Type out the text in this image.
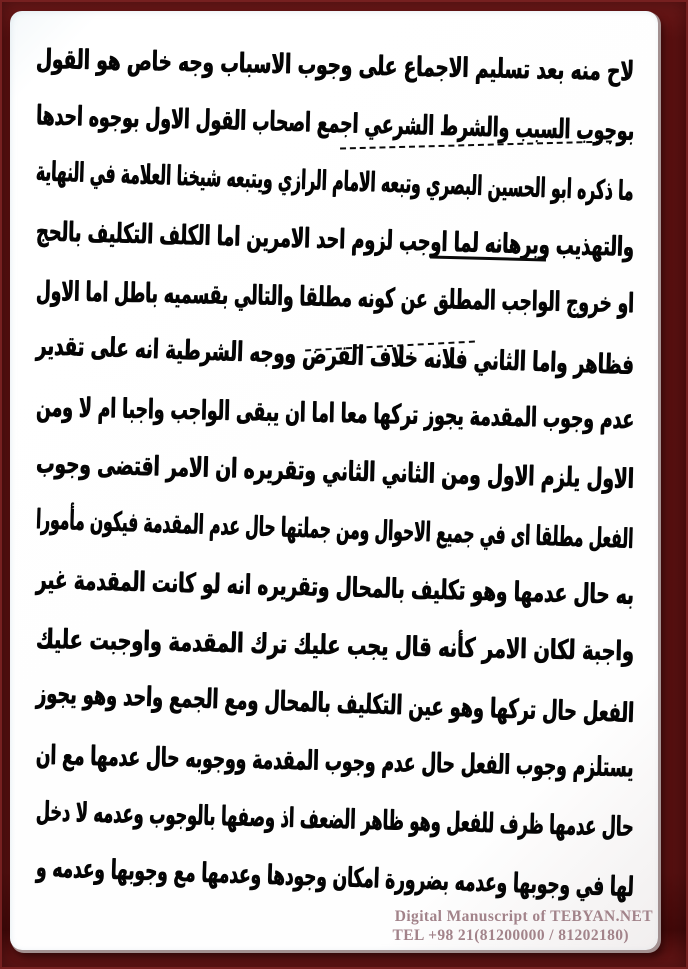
لاح منه بعد تسليم الاجماع على وجوب الاسباب وجه خاص هو القول
بوجوب السبب والشرط الشرعي اجمع اصحاب القول الاول بوجوه احدها
ما ذكره ابو الحسين البصري وتبعه الامام الرازي ويتبعه شيخنا العلامة في النهاية
والتهذيب وبرهانه لما اوجب لزوم احد الامرين اما الكلف التكليف بالحج
او خروج الواجب المطلق عن كونه مطلقا والتالي بقسميه باطل اما الاول
فظاهر واما الثاني فلانه خلاف الفرض ووجه الشرطية انه على تقدير
عدم وجوب المقدمة يجوز تركها معا اما ان يبقى الواجب واجبا ام لا ومن
الاول يلزم الاول ومن الثاني الثاني وتقريره ان الامر اقتضى وجوب
الفعل مطلقا اى في جميع الاحوال ومن جملتها حال عدم المقدمة فيكون مأمورا
به حال عدمها وهو تكليف بالمحال وتقريره انه لو كانت المقدمة غير
واجبة لكان الامر كأنه قال يجب عليك ترك المقدمة واوجبت عليك
الفعل حال تركها وهو عين التكليف بالمحال ومع الجمع واحد وهو يجوز
يستلزم وجوب الفعل حال عدم وجوب المقدمة ووجوبه حال عدمها مع ان
حال عدمها ظرف للفعل وهو ظاهر الضعف اذ وصفها بالوجوب وعدمه لا دخل
لها في وجوبها وعدمه بضرورة امكان وجودها وعدمها مع وجوبها وعدمه و
Digital Manuscript of TEBYAN.NET
TEL +98 21(81200000 / 81202180)
